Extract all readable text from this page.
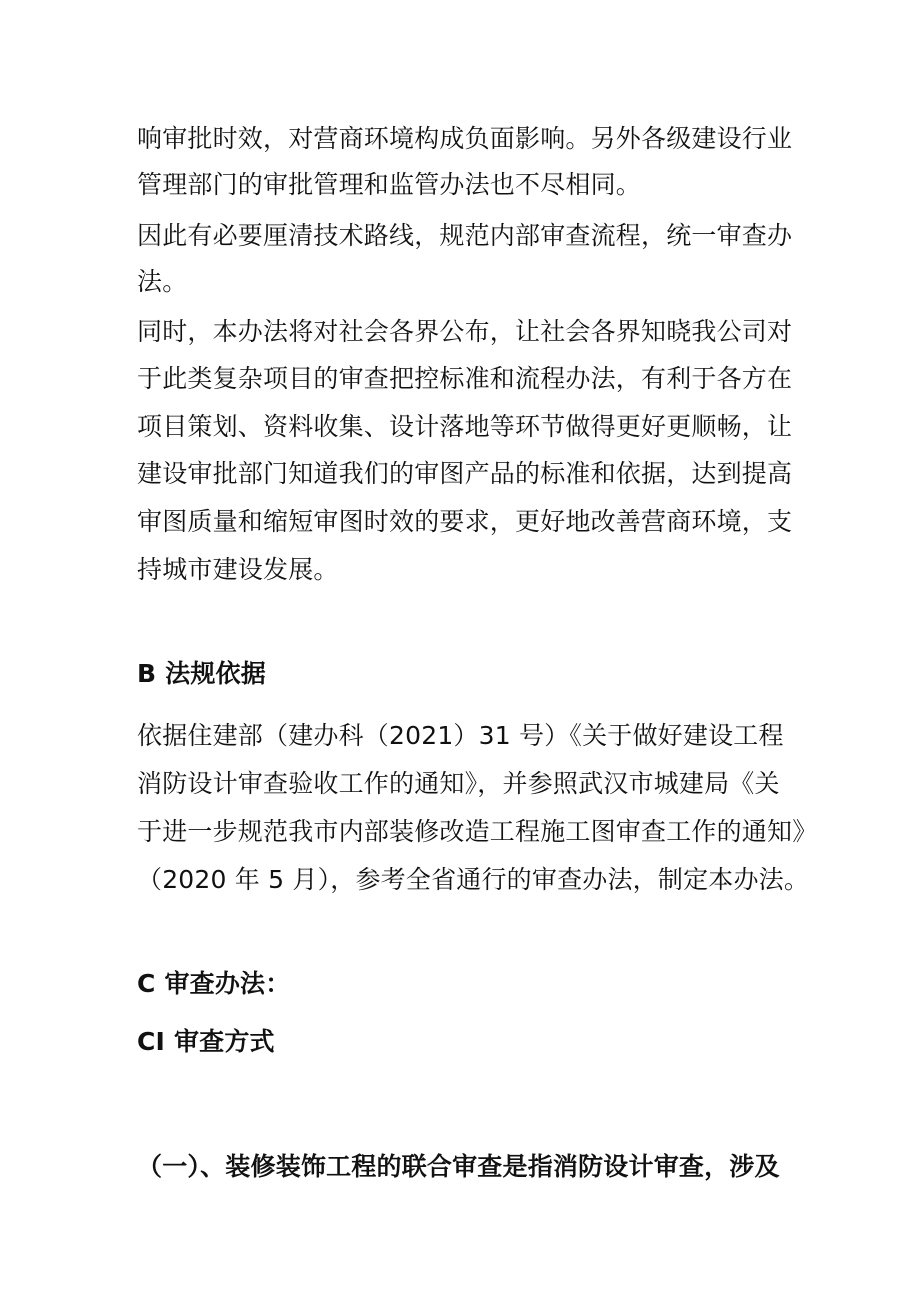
响审批时效，对营商环境构成负面影响。另外各级建设行业
管理部门的审批管理和监管办法也不尽相同。
因此有必要厘清技术路线，规范内部审查流程，统一审查办
法。
同时，本办法将对社会各界公布，让社会各界知晓我公司对
于此类复杂项目的审查把控标准和流程办法，有利于各方在
项目策划、资料收集、设计落地等环节做得更好更顺畅，让
建设审批部门知道我们的审图产品的标准和依据，达到提高
审图质量和缩短审图时效的要求，更好地改善营商环境，支
持城市建设发展。
B 法规依据
依据住建部（建办科（2021）31 号）《关于做好建设工程
消防设计审查验收工作的通知》，并参照武汉市城建局《关
于进一步规范我市内部装修改造工程施工图审查工作的通知》
（2020 年 5 月），参考全省通行的审查办法，制定本办法。
C 审查办法：
CI 审查方式
（一）、装修装饰工程的联合审查是指消防设计审查，涉及
